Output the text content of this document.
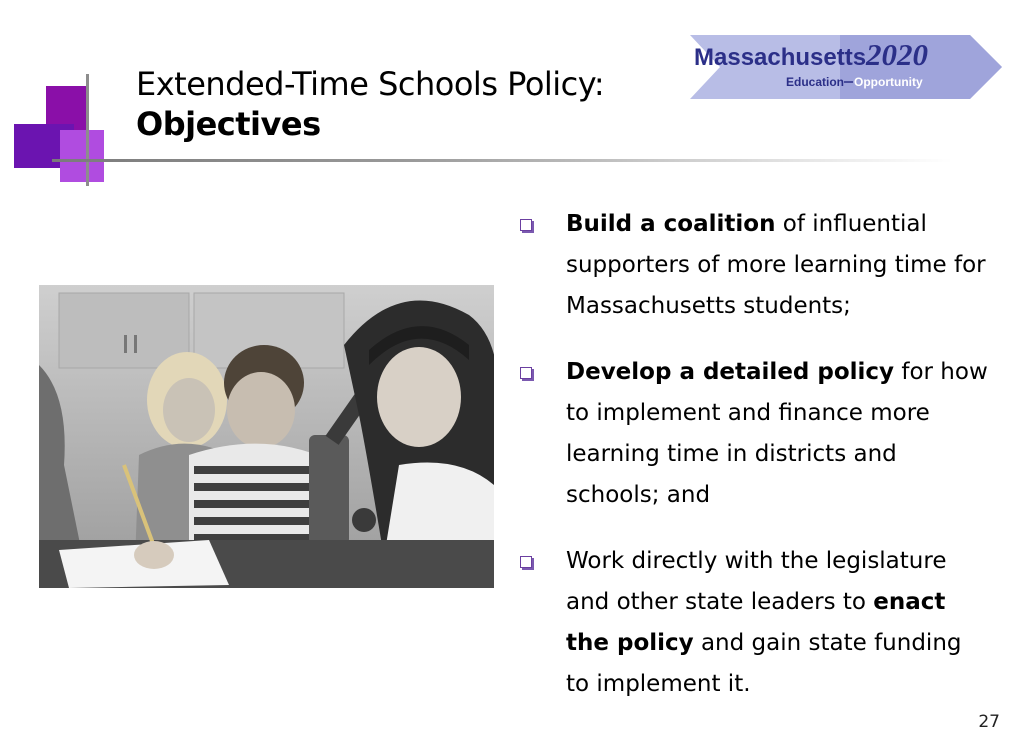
Extended-Time Schools Policy:
Objectives
Massachusetts 2020
Education Opportunity
Build a coalition of influential supporters of more learning time for Massachusetts students;
Develop a detailed policy for how to implement and finance more learning time in districts and schools; and
Work directly with the legislature and other state leaders to enact the policy and gain state funding to implement it.
27
